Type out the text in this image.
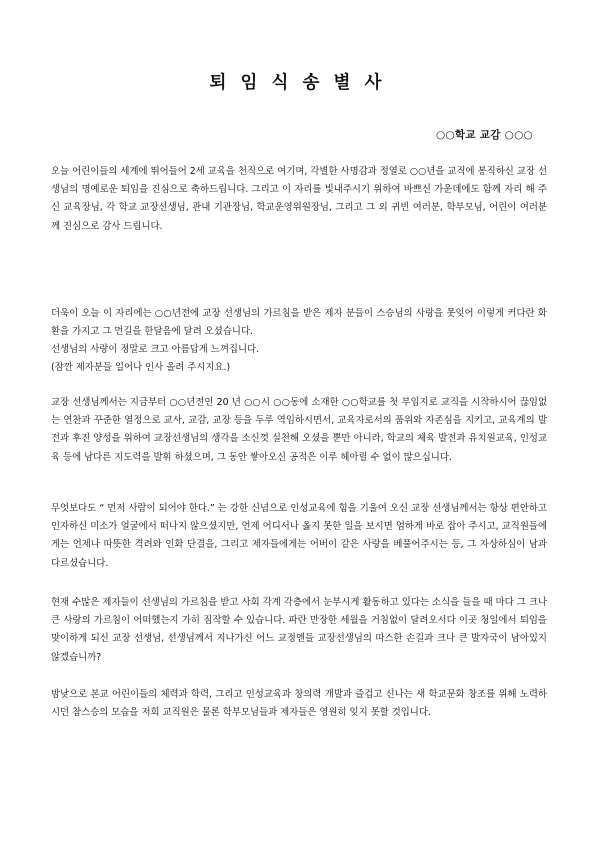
퇴 임 식 송 별 사
○○학교 교감 ○○○

오늘 어린이들의 세계에 뛰어들어 2세 교육을 천직으로 여기며, 각별한 사명감과 정열로 ○○년을 교직에 봉직하신 교장 선생님의 명예로운 퇴임을 진심으로 축하드립니다. 그리고 이 자리를 빛내주시기 위하여 바쁘신 가운데에도 함께 자리 해 주신 교육장님, 각 학교 교장선생님, 관내 기관장님, 학교운영위원장님, 그리고 그 외 귀빈 여러분, 학부모님, 어린이 여러분께 진심으로 감사 드립니다.

더욱이 오늘 이 자리에는 ○○년전에 교장 선생님의 가르침을 받은 제자 분들이 스승님의 사랑을 못잊어 이렇게 커다란 화환을 가지고 그 먼길을 한달음에 달려 오셨습니다.

선생님의 사랑이 정말로 크고 아름답게 느껴집니다.

(잠깐 제자분들 일어나 인사 올려 주시지요.)

교장 선생님께서는 지금부터 ○○년전인 20 년 ○○시 ○○동에 소재한 ○○학교를 첫 부임지로 교직을 시작하시어 끊임없는 연찬과 꾸준한 열정으로 교사, 교감, 교장 등을 두루 역임하시면서, 교육자로서의 품위와 자존심을 지키고, 교육계의 발전과 후진 양성을 위하여 교장선생님의 생각을 소신껏 실천해 오셨을 뿐만 아니라, 학교의 체육 발전과 유치원교육, 인성교육 등에 남다른 지도력을 발휘 하셨으며, 그 동안 쌓아오신 공적은 이루 헤아릴 수 없이 많으십니다.

무엇보다도 “ 먼저 사람이 되어야 한다.” 는 강한 신념으로 인성교육에 힘을 기울여 오신 교장 선생님께서는 항상 편안하고 인자하신 미소가 얼굴에서 떠나지 않으셨지만, 언제 어디서나 옳지 못한 일을 보시면 엄하게 바로 잡아 주시고, 교직원들에게는 언제나 따뜻한 격려와 인화 단결을, 그리고 제자들에게는 어버이 같은 사랑을 베풀어주시는 등, 그 자상하심이 남과 다르셨습니다.

현재 수많은 제자들이 선생님의 가르침을 받고 사회 각계 각층에서 눈부시게 활동하고 있다는 소식을 들을 때 마다 그 크나 큰 사랑의 가르침이 어떠했는지 가히 짐작할 수 있습니다. 파란 만장한 세월을 거침없이 달려오시다 이곳 청일에서 퇴임을 맞이하게 되신 교장 선생님, 선생님께서 지나가신 어느 교정엔들 교장선생님의 따스한 손길과 크나 큰 발자국이 남아있지 않겠습니까?

밤낮으로 본교 어린이들의 체력과 학력, 그리고 인성교육과 창의력 개발과 즐겁고 신나는 새 학교문화 창조를 위해 노력하시던 참스승의 모습을 저희 교직원은 물론 학부모님들과 제자들은 영원히 잊지 못할 것입니다.
